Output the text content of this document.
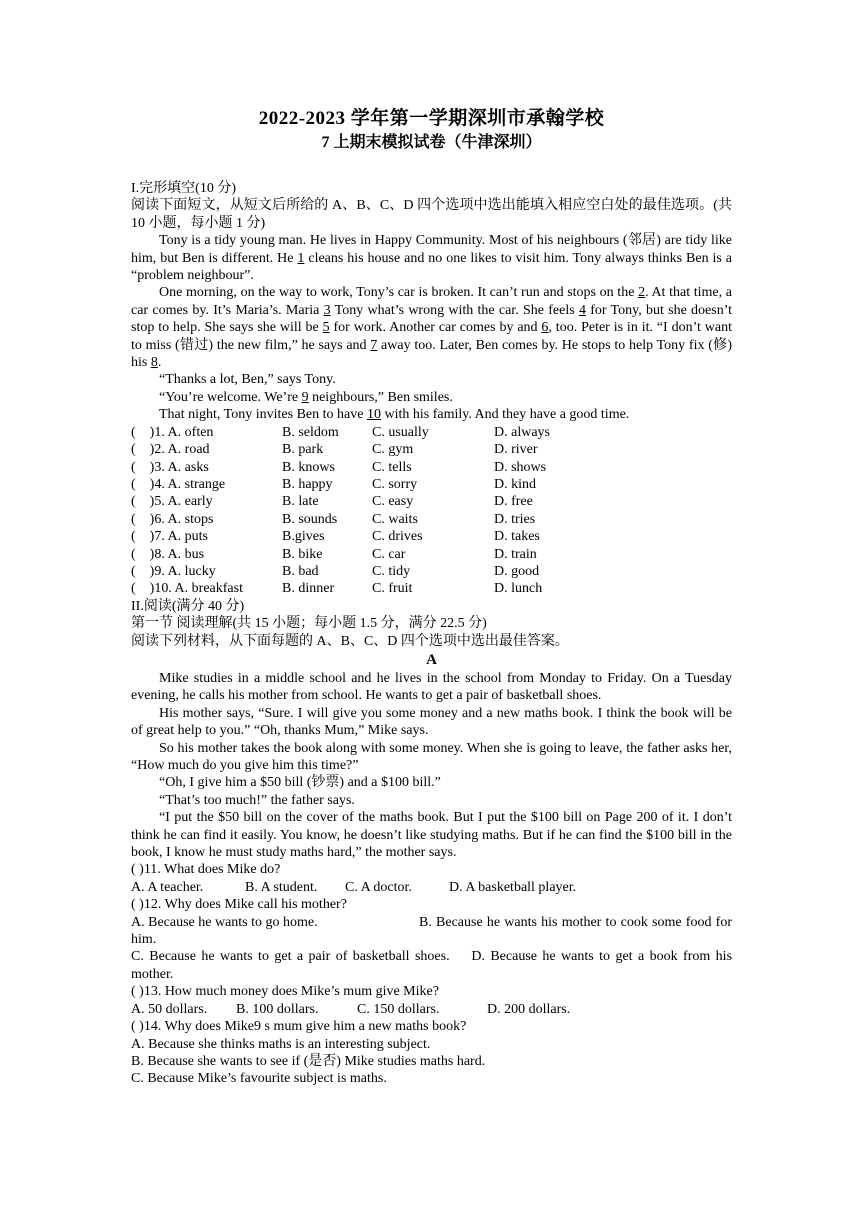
2022-2023 学年第一学期深圳市承翰学校
7 上期末模拟试卷（牛津深圳）
I.完形填空(10 分)
阅读下面短文，从短文后所给的 A、B、C、D 四个选项中选出能填入相应空白处的最佳选项。(共 10 小题，每小题 1 分)
Tony is a tidy young man. He lives in Happy Community. Most of his neighbours (邻居) are tidy like him, but Ben is different. He 1 cleans his house and no one likes to visit him. Tony always thinks Ben is a “problem neighbour”.
One morning, on the way to work, Tony’s car is broken. It can’t run and stops on the 2. At that time, a car comes by. It’s Maria’s. Maria 3 Tony what’s wrong with the car. She feels 4 for Tony, but she doesn’t stop to help. She says she will be 5 for work. Another car comes by and 6, too. Peter is in it. “I don’t want to miss (错过) the new film,” he says and 7 away too. Later, Ben comes by. He stops to help Tony fix (修) his 8.
“Thanks a lot, Ben,” says Tony.
“You’re welcome. We’re 9 neighbours,” Ben smiles.
That night, Tony invites Ben to have 10 with his family. And they have a good time.
(    )1. A. often	B. seldom	C. usually	D. always
(    )2. A. road	B. park	C. gym	D. river
(    )3. A. asks	B. knows	C. tells	D. shows
(    )4. A. strange	B. happy	C. sorry	D. kind
(    )5. A. early	B. late	C. easy	D. free
(    )6. A. stops	B. sounds	C. waits	D. tries
(    )7. A. puts	B.gives	C. drives	D. takes
(    )8. A. bus	B. bike	C. car	D. train
(    )9. A. lucky	B. bad	C. tidy	D. good
(    )10. A. breakfast	B. dinner	C. fruit	D. lunch
II.阅读(满分 40 分)
第一节 阅读理解(共 15 小题；每小题 1.5 分，满分 22.5 分)
阅读下列材料，从下面每题的 A、B、C、D 四个选项中选出最佳答案。
A
Mike studies in a middle school and he lives in the school from Monday to Friday. On a Tuesday evening, he calls his mother from school. He wants to get a pair of basketball shoes.
His mother says, “Sure. I will give you some money and a new maths book. I think the book will be of great help to you.” “Oh, thanks Mum,” Mike says.
So his mother takes the book along with some money. When she is going to leave, the father asks her, “How much do you give him this time?”
“Oh, I give him a $50 bill (钞票) and a $100 bill.”
“That’s too much!” the father says.
“I put the $50 bill on the cover of the maths book. But I put the $100 bill on Page 200 of it. I don’t think he can find it easily. You know, he doesn’t like studying maths. But if he can find the $100 bill in the book, I know he must study maths hard,” the mother says.
( )11. What does Mike do?
A. A teacher.	B. A student.	C. A doctor.	D. A basketball player.
( )12. Why does Mike call his mother?
A. Because he wants to go home.	B. Because he wants his mother to cook some food for him.
C. Because he wants to get a pair of basketball shoes. D. Because he wants to get a book from his mother.
( )13. How much money does Mike’s mum give Mike?
A. 50 dollars.	B. 100 dollars.	C. 150 dollars.	D. 200 dollars.
( )14. Why does Mike9 s mum give him a new maths book?
A. Because she thinks maths is an interesting subject.
B. Because she wants to see if (是否) Mike studies maths hard.
C. Because Mike’s favourite subject is maths.
